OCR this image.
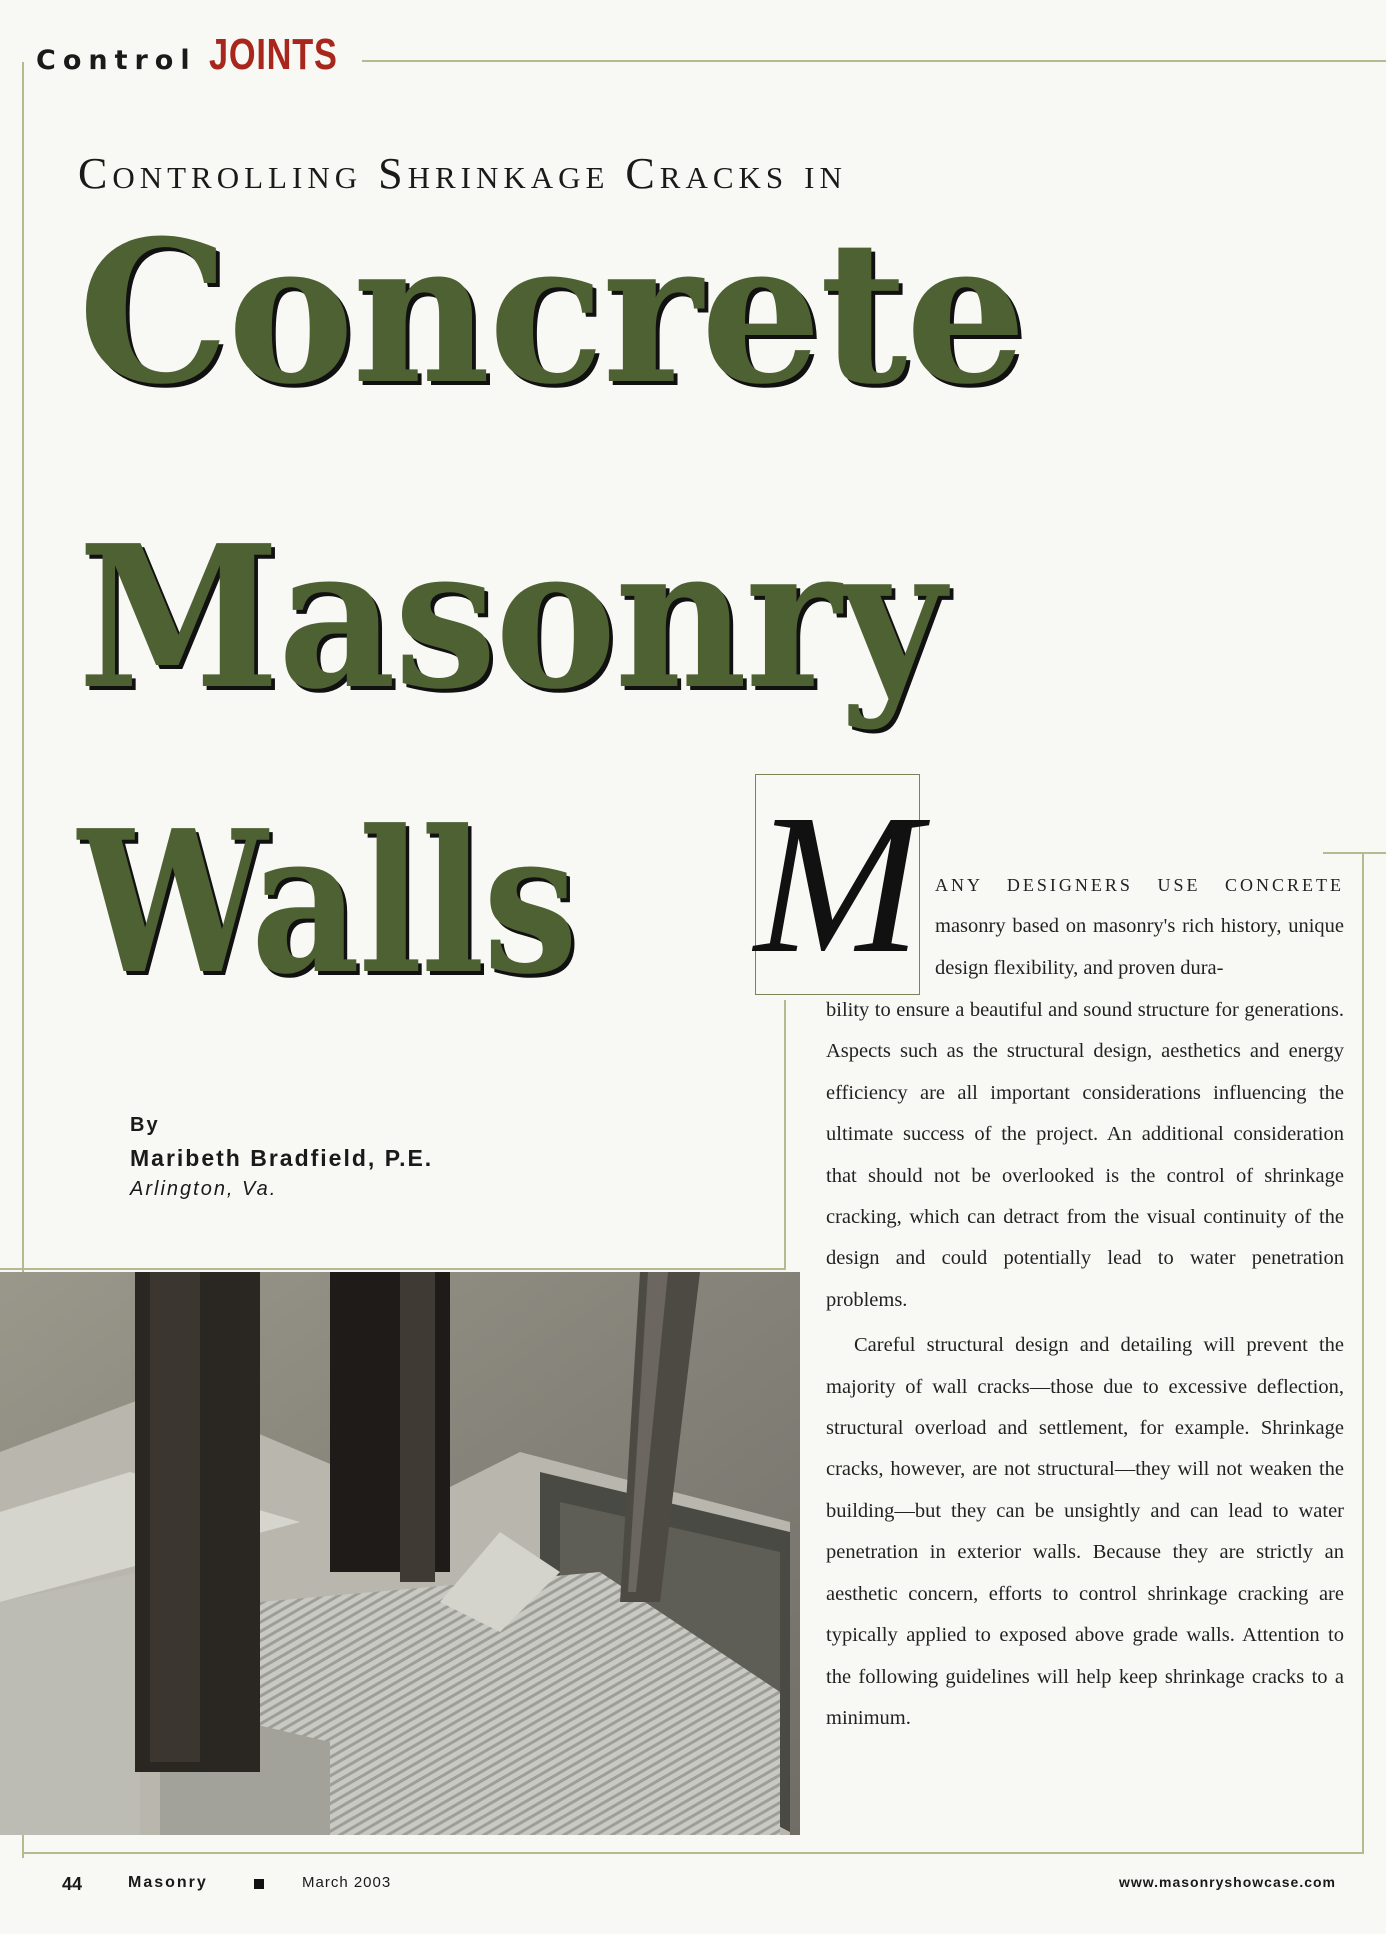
Control JOINTS
Controlling Shrinkage Cracks in
Concrete
Masonry
Walls
By
Maribeth Bradfield, P.E.
Arlington, Va.
M ANY DESIGNERS USE CONCRETE masonry based on masonry's rich history, unique design flexibility, and proven dura-
bility to ensure a beautiful and sound structure for generations. Aspects such as the structural design, aesthetics and energy efficiency are all important considerations influencing the ultimate success of the project. An additional consideration that should not be overlooked is the control of shrinkage cracking, which can detract from the visual continuity of the design and could potentially lead to water penetration problems.
Careful structural design and detailing will prevent the majority of wall cracks—those due to excessive deflection, structural overload and settlement, for example. Shrinkage cracks, however, are not structural—they will not weaken the building—but they can be unsightly and can lead to water penetration in exterior walls. Because they are strictly an aesthetic concern, efforts to control shrinkage cracking are typically applied to exposed above grade walls. Attention to the following guidelines will help keep shrinkage cracks to a minimum.
44	Masonry	March 2003	www.masonryshowcase.com
